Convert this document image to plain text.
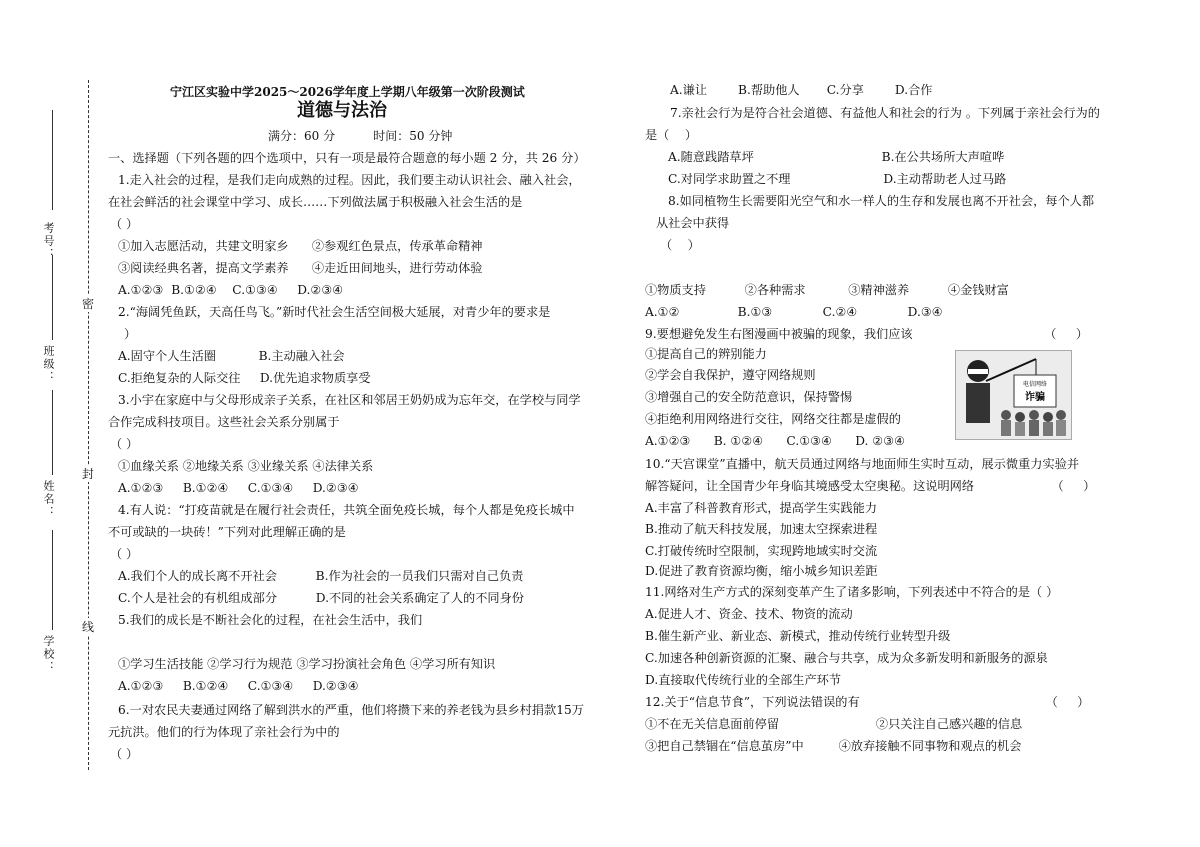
考号：
班级：
姓名：
学校：
密
封
线
宁江区实验中学2025～2026学年度上学期八年级第一次阶段测试
道德与法治
满分：60 分          时间：50 分钟
一、选择题（下列各题的四个选项中，只有一项是最符合题意的每小题 2 分，共 26 分）
1.走入社会的过程，是我们走向成熟的过程。因此，我们要主动认识社会、融入社会，
在社会鲜活的社会课堂中学习、成长……下列做法属于积极融入社会生活的是
（ ）
①加入志愿活动，共建文明家乡      ②参观红色景点，传承革命精神
③阅读经典名著，提高文学素养      ④走近田间地头，进行劳动体验
A.①②③  B.①②④    C.①③④     D.②③④
2.“海阔凭鱼跃，天高任鸟飞。”新时代社会生活空间极大延展，对青少年的要求是
）
A.固守个人生活圈           B.主动融入社会
C.拒绝复杂的人际交往     D.优先追求物质享受
3.小宇在家庭中与父母形成亲子关系，在社区和邻居王奶奶成为忘年交，在学校与同学
合作完成科技项目。这些社会关系分别属于
（ ）
①血缘关系 ②地缘关系 ③业缘关系 ④法律关系
A.①②③     B.①②④     C.①③④     D.②③④
4.有人说：“打疫苗就是在履行社会责任，共筑全面免疫长城，每个人都是免疫长城中
不可或缺的一块砖！”下列对此理解正确的是
（ ）
A.我们个人的成长离不开社会          B.作为社会的一员我们只需对自己负责
C.个人是社会的有机组成部分          D.不同的社会关系确定了人的不同身份
5.我们的成长是不断社会化的过程，在社会生活中，我们
①学习生活技能 ②学习行为规范 ③学习扮演社会角色 ④学习所有知识
A.①②③     B.①②④     C.①③④     D.②③④
6.一对农民夫妻通过网络了解到洪水的严重，他们将攒下来的养老钱为县乡村捐款15万
元抗洪。他们的行为体现了亲社会行为中的
（ ）
A.谦让        B.帮助他人       C.分享        D.合作
7.亲社会行为是符合社会道德、有益他人和社会的行为 。下列属于亲社会行为的
是（    ）
A.随意践踏草坪                                 B.在公共场所大声喧哗
C.对同学求助置之不理                        D.主动帮助老人过马路
8.如同植物生长需要阳光空气和水一样人的生存和发展也离不开社会，每个人都
从社会中获得
（    ）
①物质支持          ②各种需求           ③精神滋养          ④金钱财富
A.①②               B.①③             C.②④             D.③④
9.要想避免发生右图漫画中被骗的现象，我们应该                                  （     ）
①提高自己的辨别能力
②学会自我保护，遵守网络规则
③增强自己的安全防范意识，保持警惕
④拒绝利用网络进行交往，网络交往都是虚假的
A.①②③      B. ①②④      C.①③④      D. ②③④
10.“天宫课堂”直播中，航天员通过网络与地面师生实时互动，展示微重力实验并
解答疑问，让全国青少年身临其境感受太空奥秘。这说明网络                    （     ）
A.丰富了科普教育形式，提高学生实践能力
B.推动了航天科技发展，加速太空探索进程
C.打破传统时空限制，实现跨地域实时交流
D.促进了教育资源均衡，缩小城乡知识差距
11.网络对生产方式的深刻变革产生了诸多影响，下列表述中不符合的是（ ）
A.促进人才、资金、技术、物资的流动
B.催生新产业、新业态、新模式，推动传统行业转型升级
C.加速各种创新资源的汇聚、融合与共享，成为众多新发明和新服务的源泉
D.直接取代传统行业的全部生产环节
12.关于“信息节食”，下列说法错误的有                                                （     ）
①不在无关信息面前停留                         ②只关注自己感兴趣的信息
③把自己禁锢在“信息茧房”中         ④放弃接触不同事物和观点的机会
电信网络
诈骗
